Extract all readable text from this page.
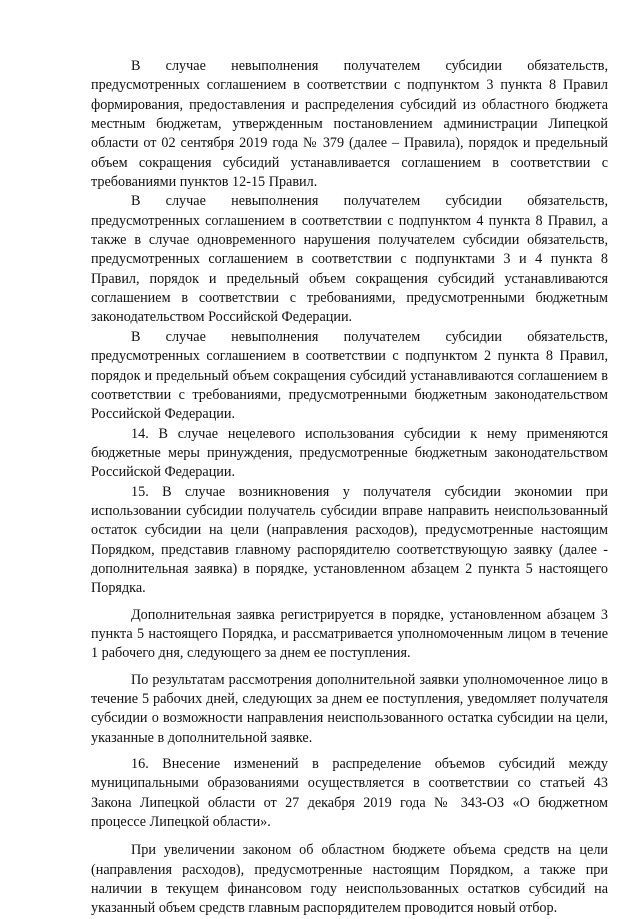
В случае невыполнения получателем субсидии обязательств, предусмотренных соглашением в соответствии с подпунктом 3 пункта 8 Правил формирования, предоставления и распределения субсидий из областного бюджета местным бюджетам, утвержденным постановлением администрации Липецкой области от 02 сентября 2019 года № 379 (далее – Правила), порядок и предельный объем сокращения субсидий устанавливается соглашением в соответствии с требованиями пунктов 12-15 Правил.

В случае невыполнения получателем субсидии обязательств, предусмотренных соглашением в соответствии с подпунктом 4 пункта 8 Правил, а также в случае одновременного нарушения получателем субсидии обязательств, предусмотренных соглашением в соответствии с подпунктами 3 и 4 пункта 8 Правил, порядок и предельный объем сокращения субсидий устанавливаются соглашением в соответствии с требованиями, предусмотренными бюджетным законодательством Российской Федерации.

В случае невыполнения получателем субсидии обязательств, предусмотренных соглашением в соответствии с подпунктом 2 пункта 8 Правил, порядок и предельный объем сокращения субсидий устанавливаются соглашением в соответствии с требованиями, предусмотренными бюджетным законодательством Российской Федерации.

14. В случае нецелевого использования субсидии к нему применяются бюджетные меры принуждения, предусмотренные бюджетным законодательством Российской Федерации.

15. В случае возникновения у получателя субсидии экономии при использовании субсидии получатель субсидии вправе направить неиспользованный остаток субсидии на цели (направления расходов), предусмотренные настоящим Порядком, представив главному распорядителю соответствующую заявку (далее - дополнительная заявка) в порядке, установленном абзацем 2 пункта 5 настоящего Порядка.

Дополнительная заявка регистрируется в порядке, установленном абзацем 3 пункта 5 настоящего Порядка, и рассматривается уполномоченным лицом в течение 1 рабочего дня, следующего за днем ее поступления.

По результатам рассмотрения дополнительной заявки уполномоченное лицо в течение 5 рабочих дней, следующих за днем ее поступления, уведомляет получателя субсидии о возможности направления неиспользованного остатка субсидии на цели, указанные в дополнительной заявке.

16. Внесение изменений в распределение объемов субсидий между муниципальными образованиями осуществляется в соответствии со статьей 43 Закона Липецкой области от 27 декабря 2019 года № 343-ОЗ «О бюджетном процессе Липецкой области».

При увеличении законом об областном бюджете объема средств на цели (направления расходов), предусмотренные настоящим Порядком, а также при наличии в текущем финансовом году неиспользованных остатков субсидий на указанный объем средств главным распорядителем проводится новый отбор.
